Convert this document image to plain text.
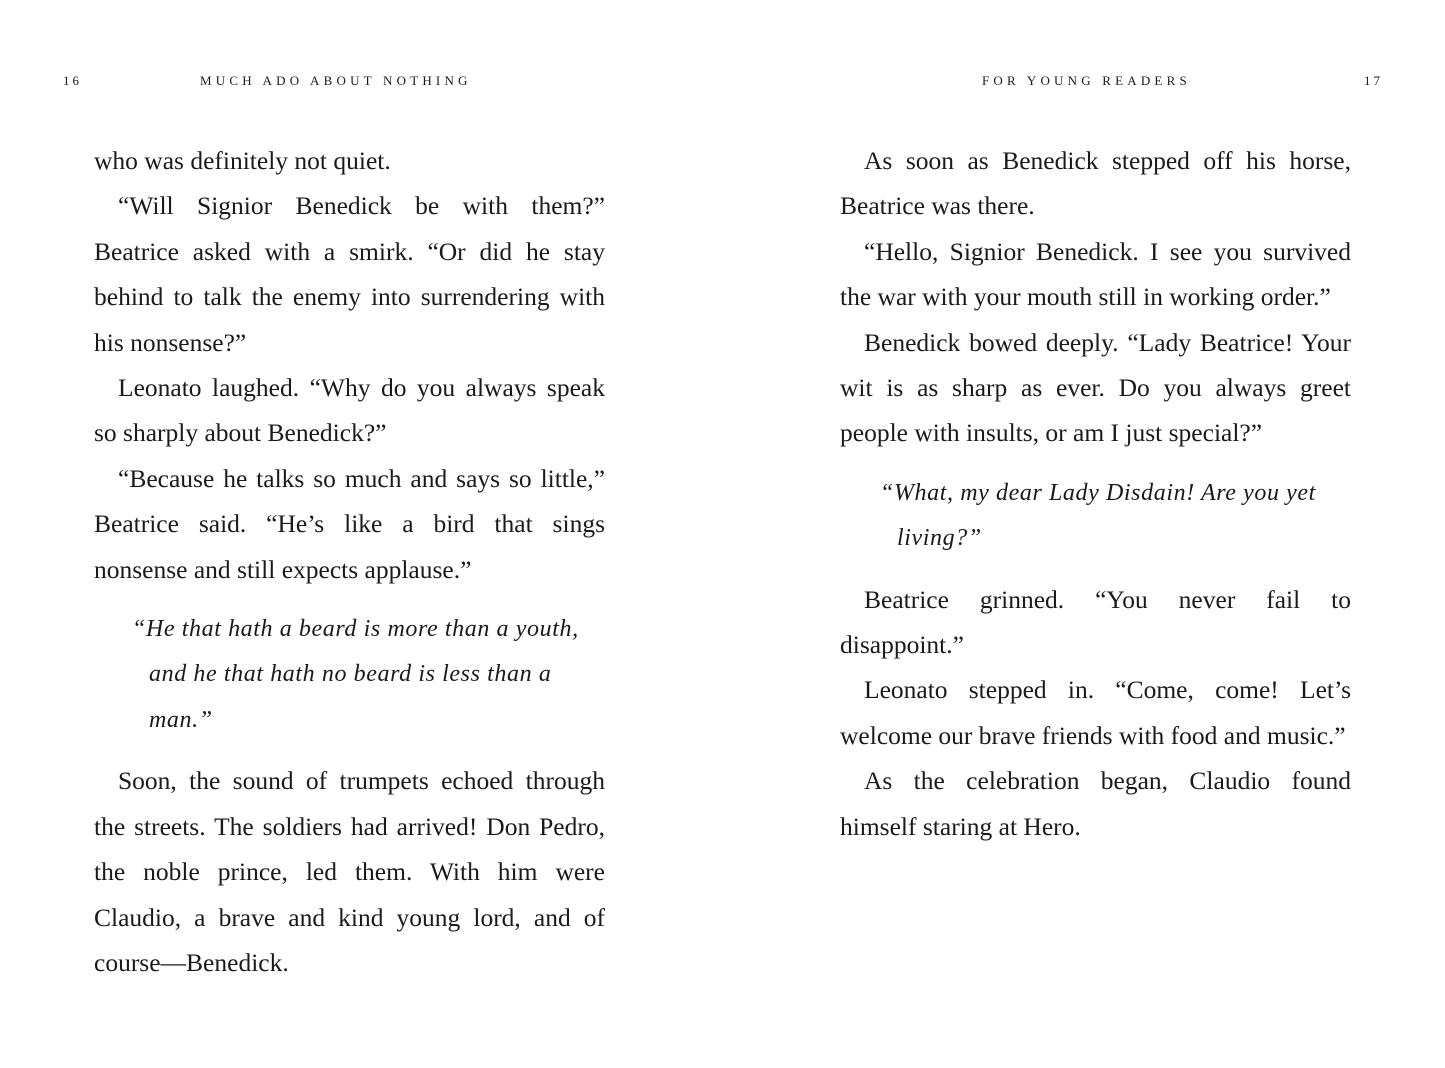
16	MUCH ADO ABOUT NOTHING

who was definitely not quiet.

“Will Signior Benedick be with them?” Beatrice asked with a smirk. “Or did he stay behind to talk the enemy into surrendering with his nonsense?”

Leonato laughed. “Why do you always speak so sharply about Benedick?”

“Because he talks so much and says so little,” Beatrice said. “He’s like a bird that sings nonsense and still expects applause.”

“He that hath a beard is more than a youth, and he that hath no beard is less than a man.”

Soon, the sound of trumpets echoed through the streets. The soldiers had arrived! Don Pedro, the noble prince, led them. With him were Claudio, a brave and kind young lord, and of course—Benedick.

FOR YOUNG READERS	17

As soon as Benedick stepped off his horse, Beatrice was there.

“Hello, Signior Benedick. I see you survived the war with your mouth still in working order.”

Benedick bowed deeply. “Lady Beatrice! Your wit is as sharp as ever. Do you always greet people with insults, or am I just special?”

“What, my dear Lady Disdain! Are you yet living?”

Beatrice grinned. “You never fail to disappoint.”

Leonato stepped in. “Come, come! Let’s welcome our brave friends with food and music.”

As the celebration began, Claudio found himself staring at Hero.
